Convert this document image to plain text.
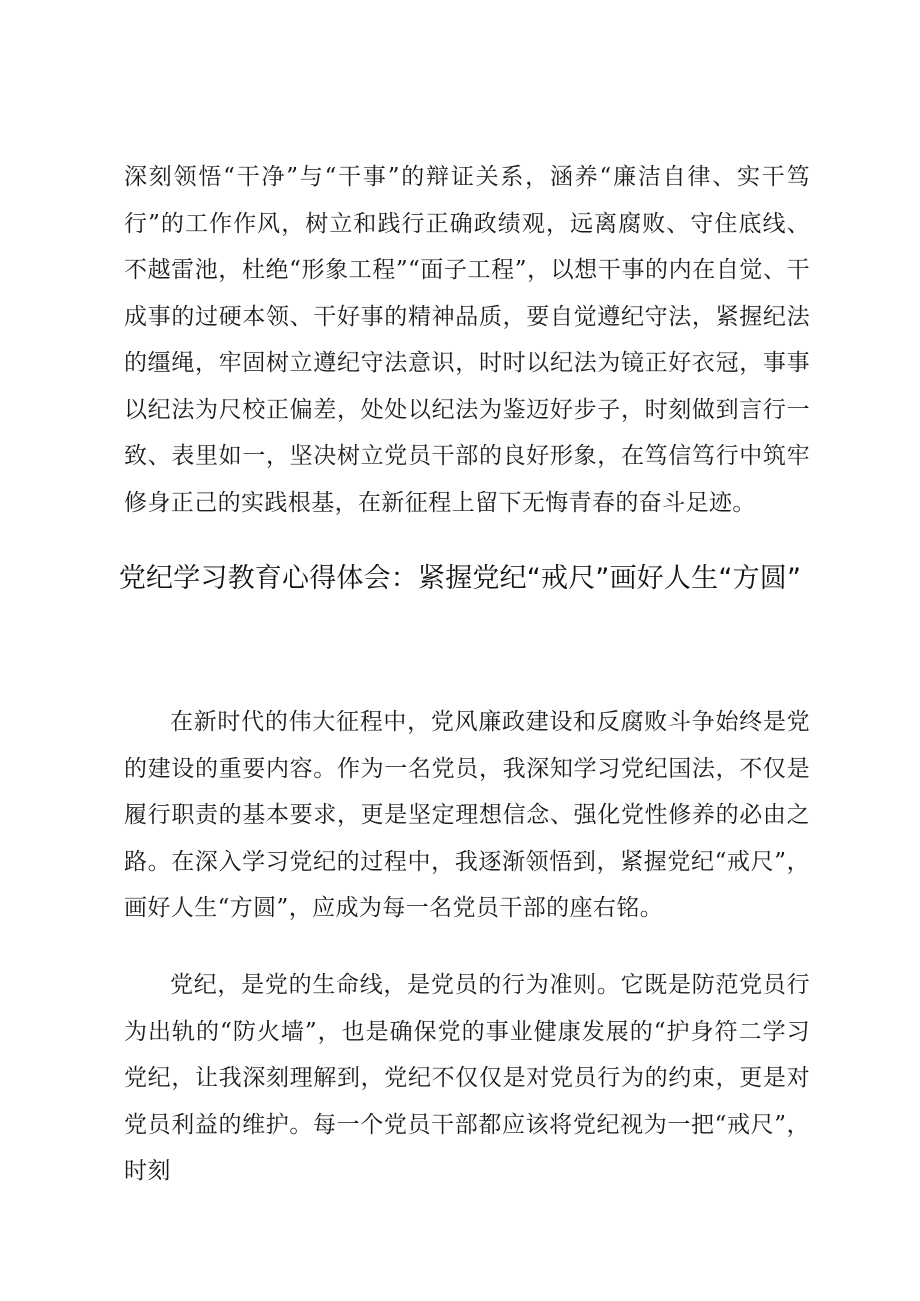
深刻领悟“干净”与“干事”的辩证关系，涵养“廉洁自律、实干笃行”的工作作风，树立和践行正确政绩观，远离腐败、守住底线、不越雷池，杜绝“形象工程”“面子工程”，以想干事的内在自觉、干成事的过硬本领、干好事的精神品质，要自觉遵纪守法，紧握纪法的缰绳，牢固树立遵纪守法意识，时时以纪法为镜正好衣冠，事事以纪法为尺校正偏差，处处以纪法为鉴迈好步子，时刻做到言行一致、表里如一，坚决树立党员干部的良好形象，在笃信笃行中筑牢修身正己的实践根基，在新征程上留下无悔青春的奋斗足迹。

党纪学习教育心得体会：紧握党纪“戒尺”画好人生“方圆”

在新时代的伟大征程中，党风廉政建设和反腐败斗争始终是党的建设的重要内容。作为一名党员，我深知学习党纪国法，不仅是履行职责的基本要求，更是坚定理想信念、强化党性修养的必由之路。在深入学习党纪的过程中，我逐渐领悟到，紧握党纪“戒尺”，画好人生“方圆”，应成为每一名党员干部的座右铭。

党纪，是党的生命线，是党员的行为准则。它既是防范党员行为出轨的“防火墙”，也是确保党的事业健康发展的“护身符二学习党纪，让我深刻理解到，党纪不仅仅是对党员行为的约束，更是对党员利益的维护。每一个党员干部都应该将党纪视为一把“戒尺”，时刻
